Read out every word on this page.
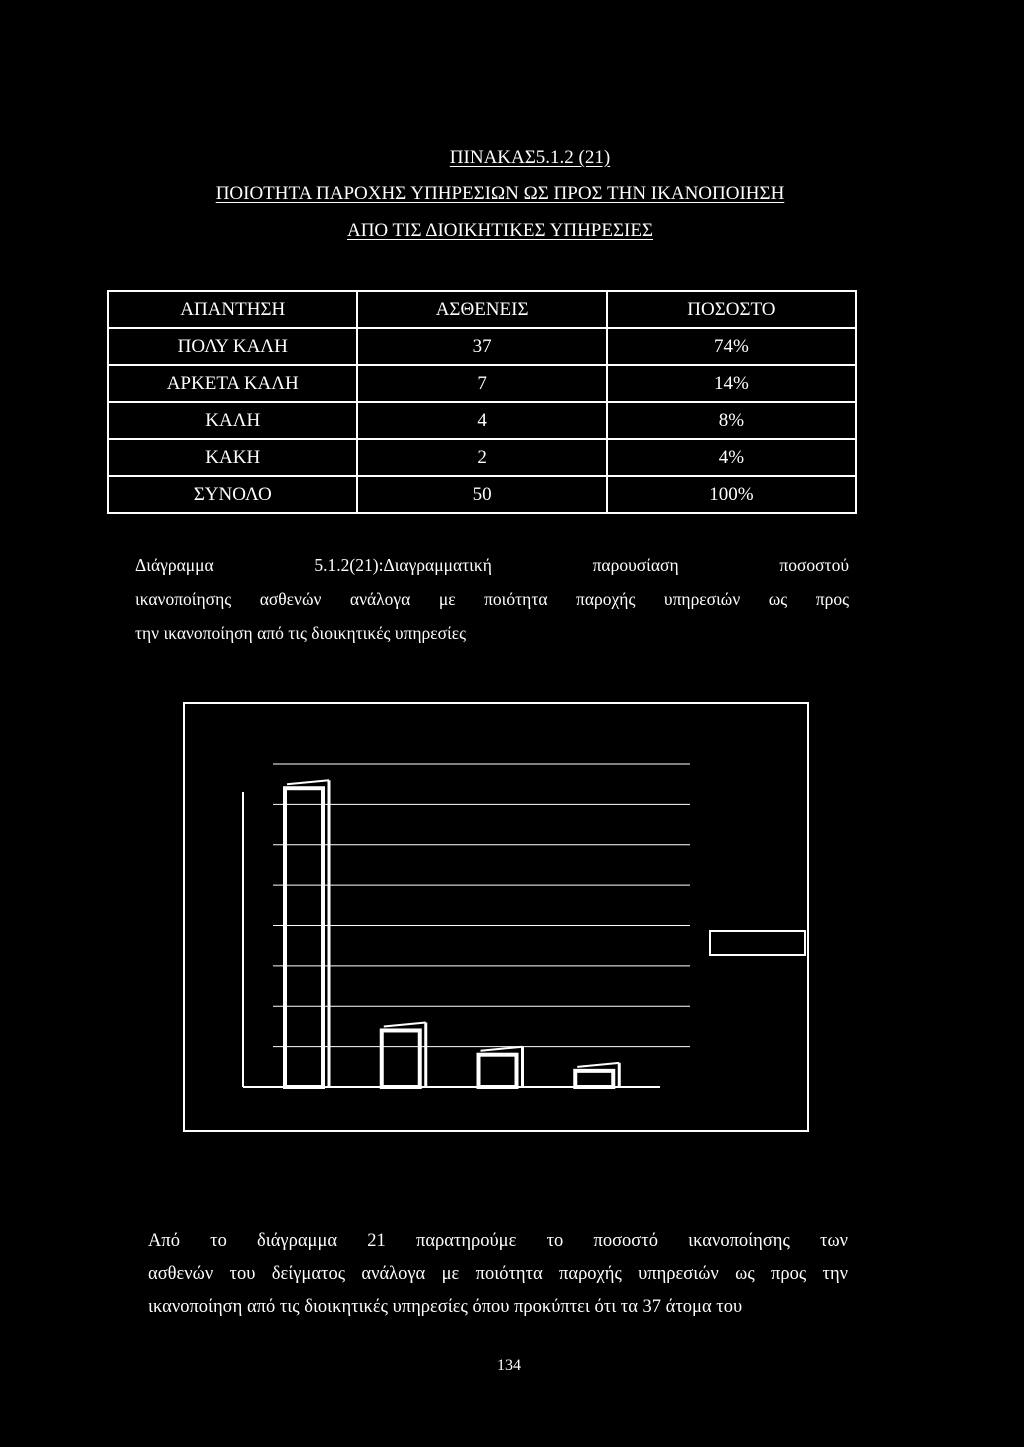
ΠΙΝΑΚΑΣ5.1.2 (21)
ΠΟΙΟΤΗΤΑ ΠΑΡΟΧΗΣ ΥΠΗΡΕΣΙΩΝ ΩΣ ΠΡΟΣ ΤΗΝ ΙΚΑΝΟΠΟΙΗΣΗ
ΑΠΟ ΤΙΣ ΔΙΟΙΚΗΤΙΚΕΣ ΥΠΗΡΕΣΙΕΣ
ΑΠΑΝΤΗΣΗ	ΑΣΘΕΝΕΙΣ	ΠΟΣΟΣΤΟ
ΠΟΛΥ ΚΑΛΗ	37	74%
ΑΡΚΕΤΑ ΚΑΛΗ	7	14%
ΚΑΛΗ	4	8%
ΚΑΚΗ	2	4%
ΣΥΝΟΛΟ	50	100%
Διάγραμμα	5.1.2(21):Διαγραμματική	παρουσίαση	ποσοστού
ικανοποίησης ασθενών ανάλογα με ποιότητα παροχής υπηρεσιών ως προς
την ικανοποίηση από τις διοικητικές υπηρεσίες
Από το διάγραμμα 21 παρατηρούμε το ποσοστό ικανοποίησης των
ασθενών του δείγματος ανάλογα με ποιότητα παροχής υπηρεσιών ως προς την
ικανοποίηση από τις διοικητικές υπηρεσίες όπου προκύπτει ότι τα 37 άτομα του
134
